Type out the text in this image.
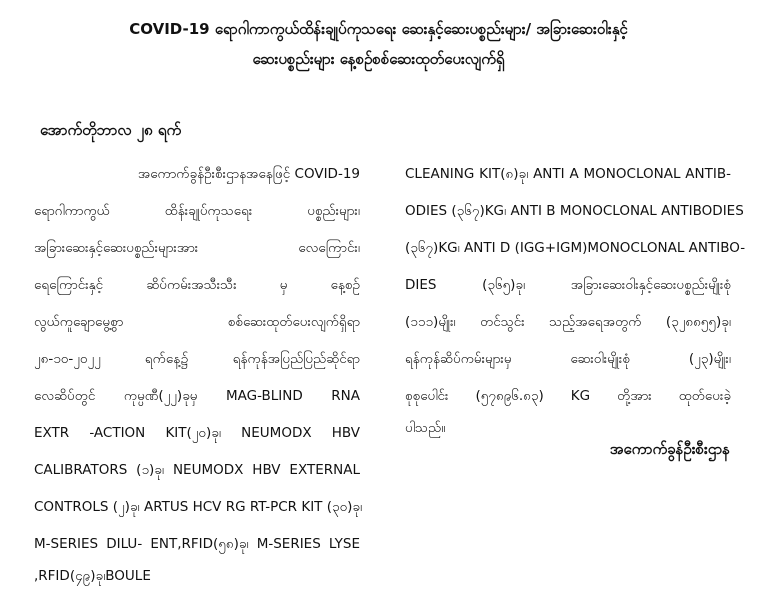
COVID-19 ရောဂါကာကွယ်ထိန်းချုပ်ကုသရေး ဆေးနှင့်ဆေးပစ္စည်းများ/ အခြားဆေးဝါးနှင့်
ဆေးပစ္စည်းများ နေ့စဉ်စစ်ဆေးထုတ်ပေးလျက်ရှိ
အောက်တိုဘာလ ၂၈ ရက်
အကောက်ခွန်ဦးစီးဌာနအနေဖြင့် COVID-19
ရောဂါကာကွယ် ထိန်းချုပ်ကုသရေး ပစ္စည်းများ၊
အခြားဆေးနှင့်ဆေးပစ္စည်းများအား လေကြောင်း၊
ရေကြောင်းနှင့် ဆိပ်ကမ်းအသီးသီး မှ နေ့စဉ်
လွယ်ကူချောမွေ့စွာ စစ်ဆေးထုတ်ပေးလျက်ရှိရာ
၂၈-၁၀-၂၀၂၂ ရက်နေ့၌ ရန်ကုန်အပြည်ပြည်ဆိုင်ရာ
လေဆိပ်တွင် ကုမ္ပဏီ(၂၂)ခုမှ MAG-BLIND RNA
EXTR -ACTION KIT(၂၀)ခု၊ NEUMODX HBV
CALIBRATORS (၁)ခု၊ NEUMODX HBV EXTERNAL
CONTROLS (၂)ခု၊ ARTUS HCV RG RT-PCR KIT (၃၀)ခု၊
M-SERIES DILU- ENT,RFID(၅၈)ခု၊ M-SERIES LYSE
,RFID(၄၉)ခု၊BOULE
CLEANING KIT(၈)ခု၊ ANTI A MONOCLONAL ANTIB-
ODIES (၃၆၇)KG၊ ANTI B MONOCLONAL ANTIBODIES
(၃၆၇)KG၊ ANTI D (IGG+IGM)MONOCLONAL ANTIBO-
DIES (၃၆၅)ခု၊ အခြားဆေးဝါးနှင့်ဆေးပစ္စည်းမျိုးစုံ
(၁၁၁)မျိုး၊ တင်သွင်း သည့်အရေအတွက် (၃၂၈၈၅၅)ခု၊
ရန်ကုန်ဆိပ်ကမ်းများမှ ဆေးဝါးမျိုးစုံ (၂၃)မျိုး၊
စုစုပေါင်း (၅၇၈၉၆.၈၃) KG တို့အား ထုတ်ပေးခဲ့
ပါသည်။
အကောက်ခွန်ဦးစီးဌာန
